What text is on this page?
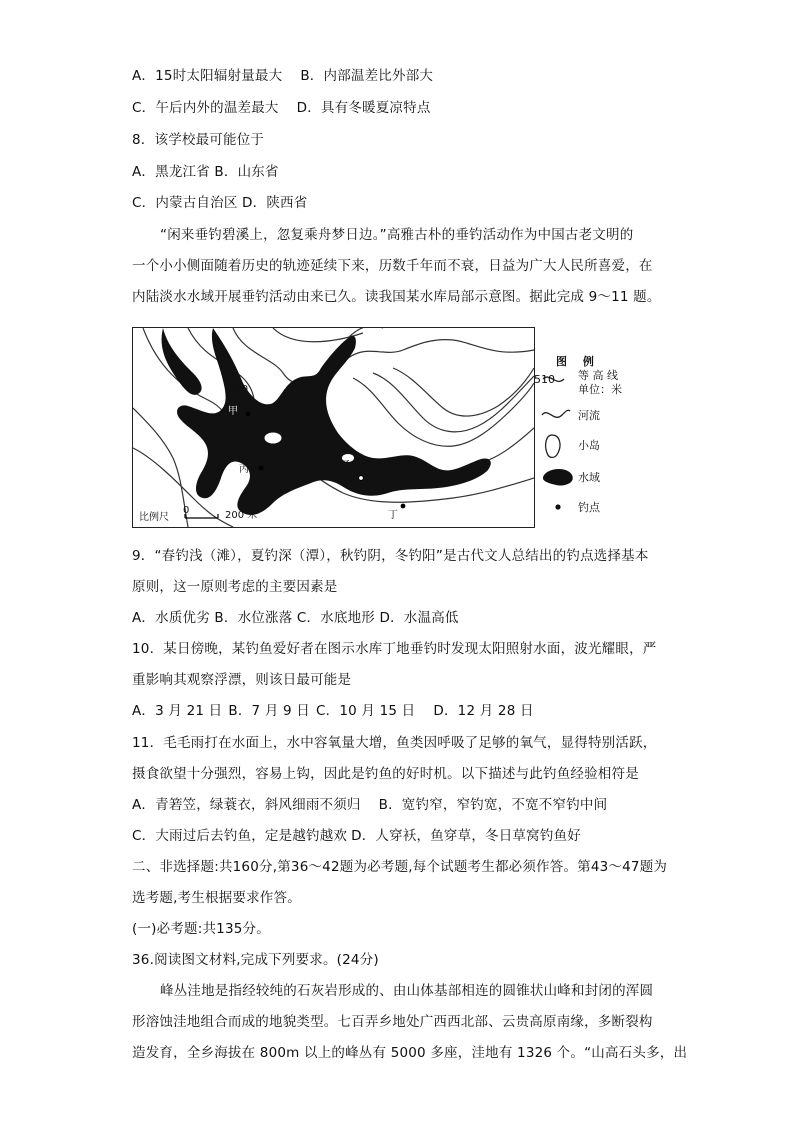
A．15时太阳辐射量最大 B．内部温差比外部大
C．午后内外的温差最大 D．具有冬暖夏凉特点
8．该学校最可能位于
A．黑龙江省 B．山东省
C．内蒙古自治区 D．陕西省
“闲来垂钓碧溪上，忽复乘舟梦日边。”高雅古朴的垂钓活动作为中国古老文明的
一个小小侧面随着历史的轨迹延续下来，历数千年而不衰，日益为广大人民所喜爱，在
内陆淡水水域开展垂钓活动由来已久。读我国某水库局部示意图。据此完成 9～11 题。
510
甲
丙	乙
515
丁
比例尺
0	200 米
图 例
510 等 高 线
单位：米
河流
小岛
水域
钓点
9．“春钓浅（滩），夏钓深（潭），秋钓阴，冬钓阳”是古代文人总结出的钓点选择基本
原则，这一原则考虑的主要因素是
A．水质优劣 B．水位涨落 C．水底地形 D．水温高低
10．某日傍晚，某钓鱼爱好者在图示水库丁地垂钓时发现太阳照射水面，波光耀眼，严
重影响其观察浮漂，则该日最可能是
A．3 月 21 日 B．7 月 9 日 C．10 月 15 日 D．12 月 28 日
11．毛毛雨打在水面上，水中容氧量大增，鱼类因呼吸了足够的氧气，显得特别活跃，
摄食欲望十分强烈，容易上钩，因此是钓鱼的好时机。以下描述与此钓鱼经验相符是
A．青箬笠，绿蓑衣，斜风细雨不须归 B．宽钓窄，窄钓宽，不宽不窄钓中间
C．大雨过后去钓鱼，定是越钓越欢 D．人穿袄，鱼穿草，冬日草窝钓鱼好
二、非选择题:共160分,第36～42题为必考题,每个试题考生都必须作答。第43～47题为
选考题,考生根据要求作答。
(一)必考题:共135分。
36.阅读图文材料,完成下列要求。(24分)
峰丛洼地是指经较纯的石灰岩形成的、由山体基部相连的圆锥状山峰和封闭的浑圆
形溶蚀洼地组合而成的地貌类型。七百弄乡地处广西西北部、云贵高原南缘，多断裂构
造发育，全乡海拔在 800m 以上的峰丛有 5000 多座，洼地有 1326 个。“山高石头多，出
